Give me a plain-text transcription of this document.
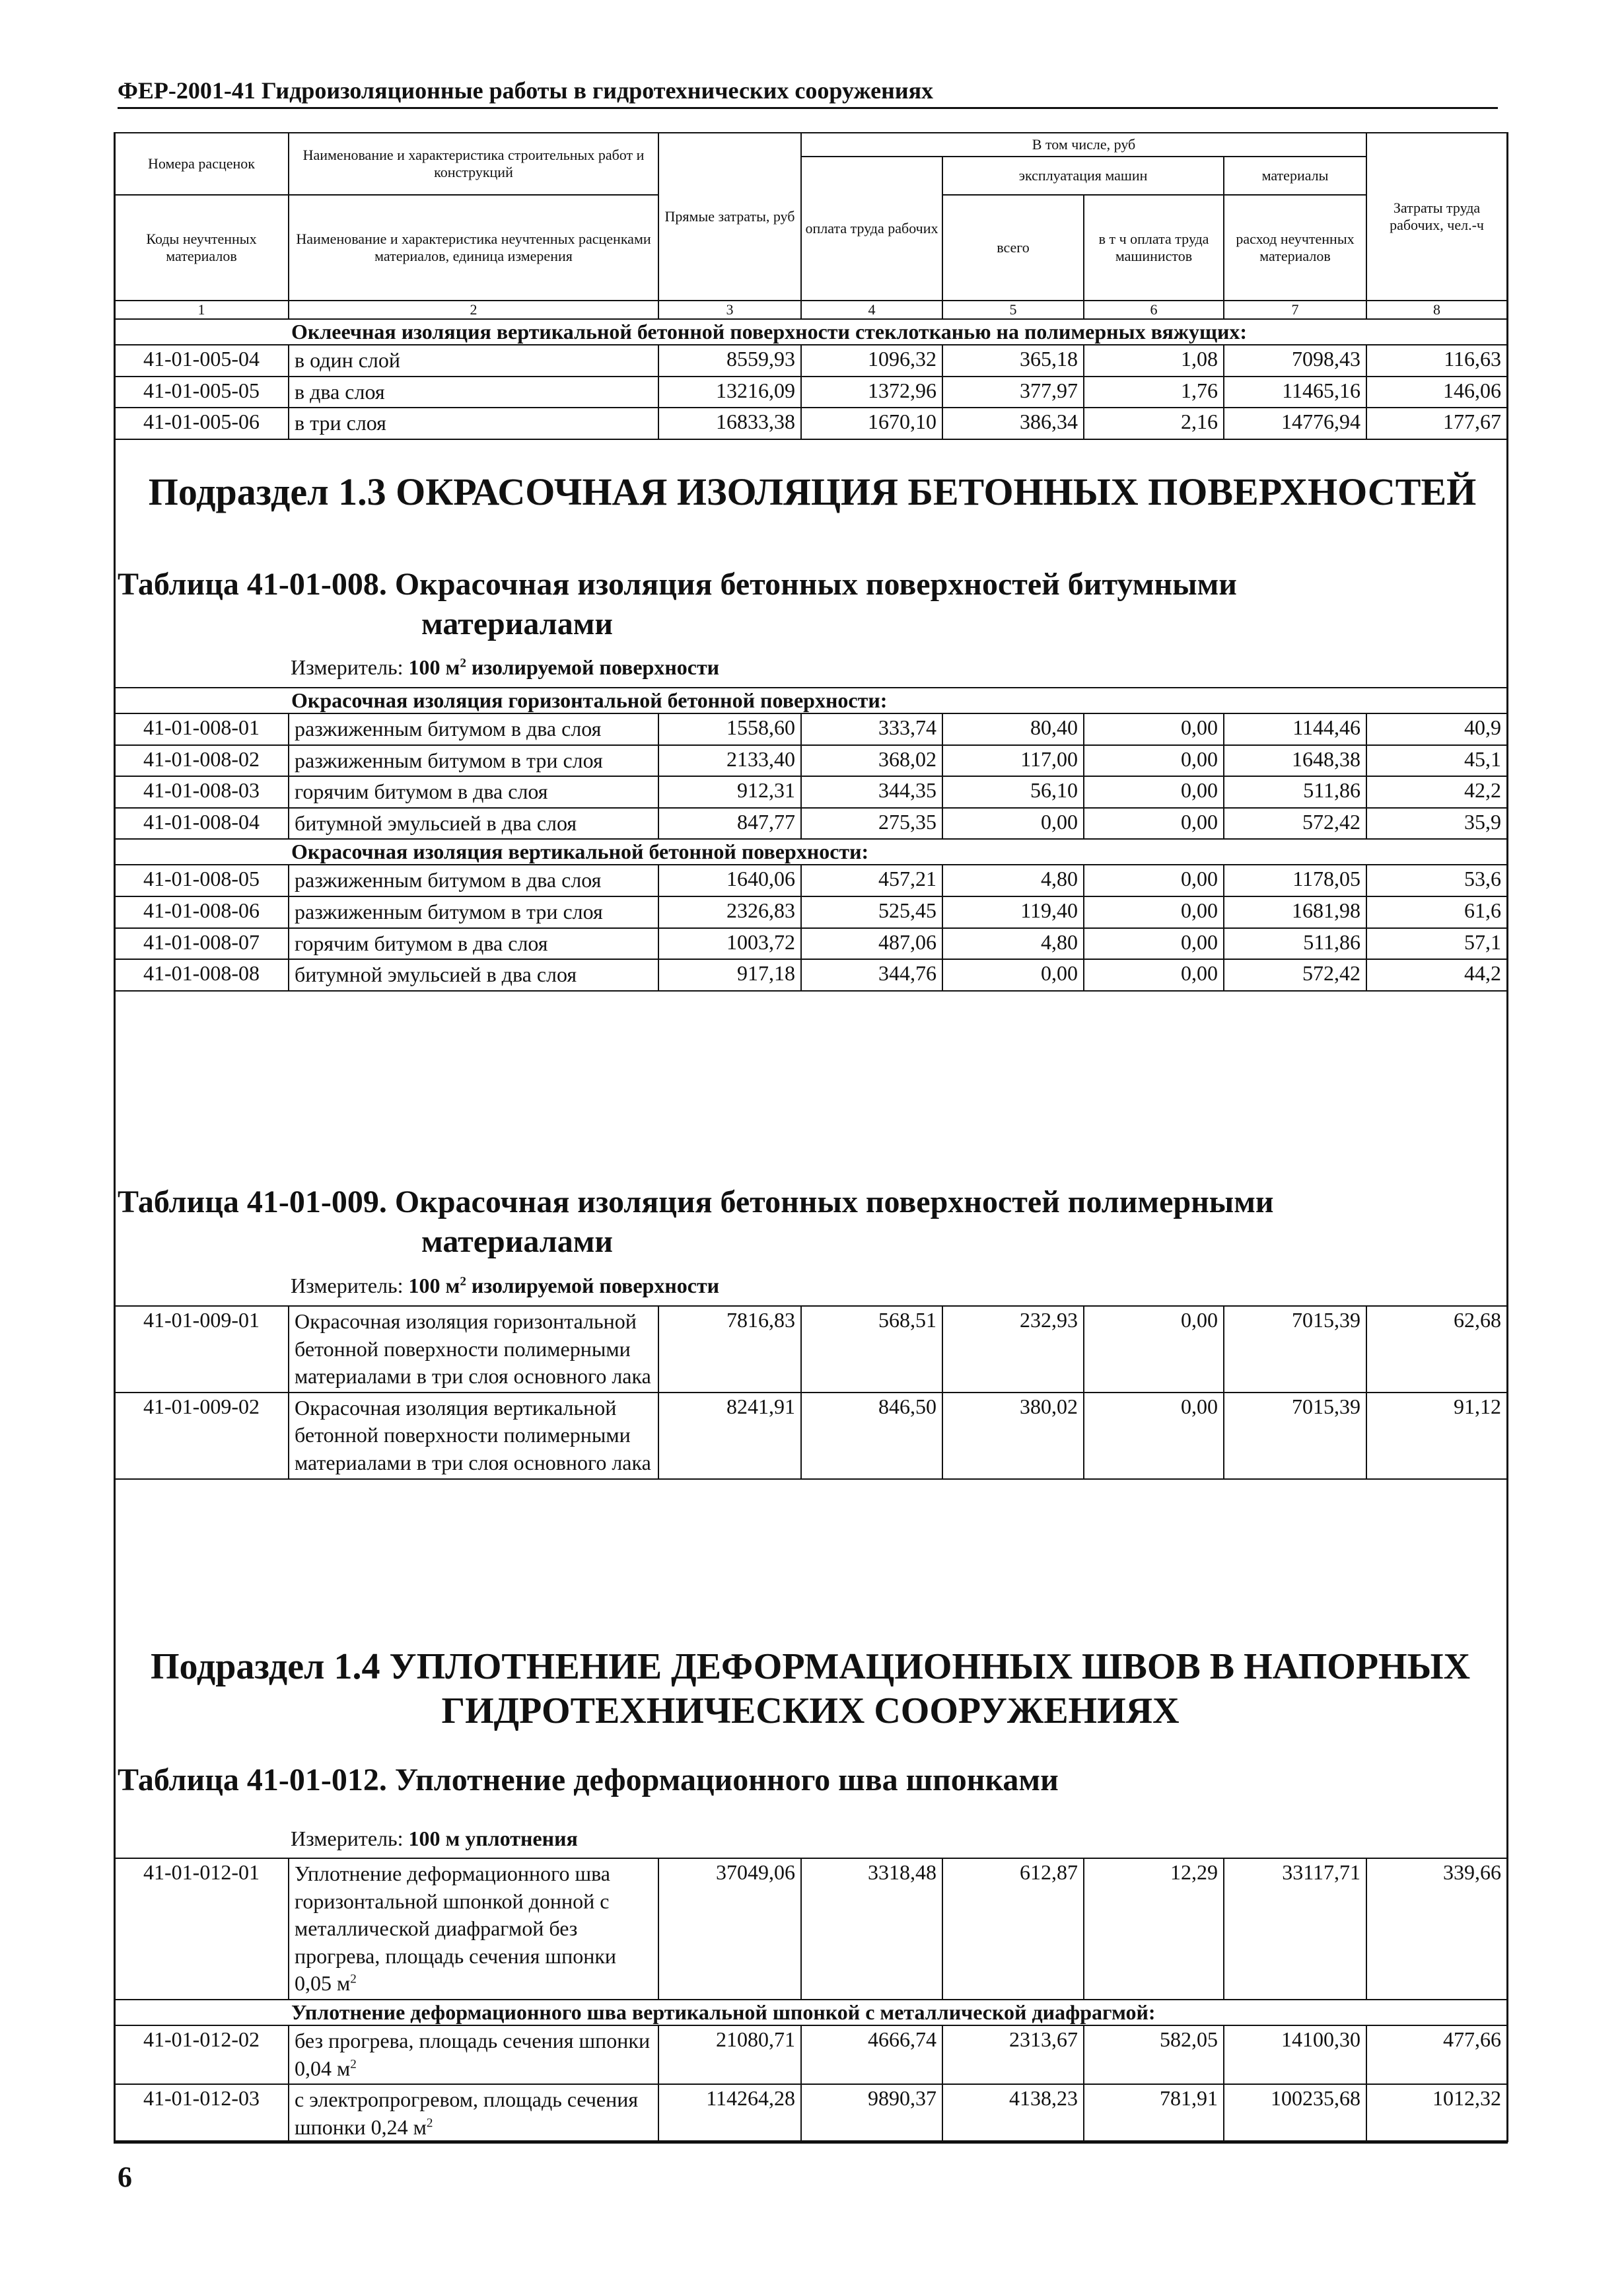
ФЕР-2001-41 Гидроизоляционные работы в гидротехнических сооружениях
Номера расценок	Наименование и характеристика строительных работ и конструкций	Прямые затраты, руб	В том числе, руб				Затраты труда рабочих, чел.-ч
			оплата труда рабочих	эксплуатация машин		материалы	
Коды неучтенных материалов	Наименование и характеристика неучтенных расценками материалов, единица измерения			всего	в т ч оплата труда машинистов	расход неучтенных материалов	

1	2	3	4	5	6	7	8
	Оклеечная изоляция вертикальной бетонной поверхности стеклотканью на полимерных вяжущих:						
41-01-005-04	в один слой	8559,93	1096,32	365,18	1,08	7098,43	116,63
41-01-005-05	в два слоя	13216,09	1372,96	377,97	1,76	11465,16	146,06
41-01-005-06	в три слоя	16833,38	1670,10	386,34	2,16	14776,94	177,67
Подраздел 1.3 ОКРАСОЧНАЯ ИЗОЛЯЦИЯ БЕТОННЫХ ПОВЕРХНОСТЕЙ
Таблица 41-01-008. Окрасочная изоляция бетонных поверхностей битумными
материалами
Измеритель: 100 $м^2$ изолируемой поверхности
	Окрасочная изоляция горизонтальной бетонной поверхности:						
41-01-008-01	разжиженным битумом в два слоя	1558,60	333,74	80,40	0,00	1144,46	40,9
41-01-008-02	разжиженным битумом в три слоя	2133,40	368,02	117,00	0,00	1648,38	45,1
41-01-008-03	горячим битумом в два слоя	912,31	344,35	56,10	0,00	511,86	42,2
41-01-008-04	битумной эмульсией в два слоя	847,77	275,35	0,00	0,00	572,42	35,9
	Окрасочная изоляция вертикальной бетонной поверхности:						
41-01-008-05	разжиженным битумом в два слоя	1640,06	457,21	4,80	0,00	1178,05	53,6
41-01-008-06	разжиженным битумом в три слоя	2326,83	525,45	119,40	0,00	1681,98	61,6
41-01-008-07	горячим битумом в два слоя	1003,72	487,06	4,80	0,00	511,86	57,1
41-01-008-08	битумной эмульсией в два слоя	917,18	344,76	0,00	0,00	572,42	44,2
Таблица 41-01-009. Окрасочная изоляция бетонных поверхностей полимерными
материалами
Измеритель: 100 $м^2$ изолируемой поверхности
41-01-009-01	Окрасочная изоляция горизонтальной бетонной поверхности полимерными материалами в три слоя основного лака	7816,83	568,51	232,93	0,00	7015,39	62,68
41-01-009-02	Окрасочная изоляция вертикальной бетонной поверхности полимерными материалами в три слоя основного лака	8241,91	846,50	380,02	0,00	7015,39	91,12
Подраздел 1.4 УПЛОТНЕНИЕ ДЕФОРМАЦИОННЫХ ШВОВ В НАПОРНЫХ
ГИДРОТЕХНИЧЕСКИХ СООРУЖЕНИЯХ
Таблица 41-01-012. Уплотнение деформационного шва шпонками
Измеритель: 100 м уплотнения
41-01-012-01	Уплотнение деформационного шва горизонтальной шпонкой донной с металлической диафрагмой без прогрева, площадь сечения шпонки 0,05 $м^2$	37049,06	3318,48	612,87	12,29	33117,71	339,66
	Уплотнение деформационного шва вертикальной шпонкой с металлической диафрагмой:						
41-01-012-02	без прогрева, площадь сечения шпонки 0,04 $м^2$	21080,71	4666,74	2313,67	582,05	14100,30	477,66
41-01-012-03	с электропрогревом, площадь сечения шпонки 0,24 $м^2$	114264,28	9890,37	4138,23	781,91	100235,68	1012,32
6
